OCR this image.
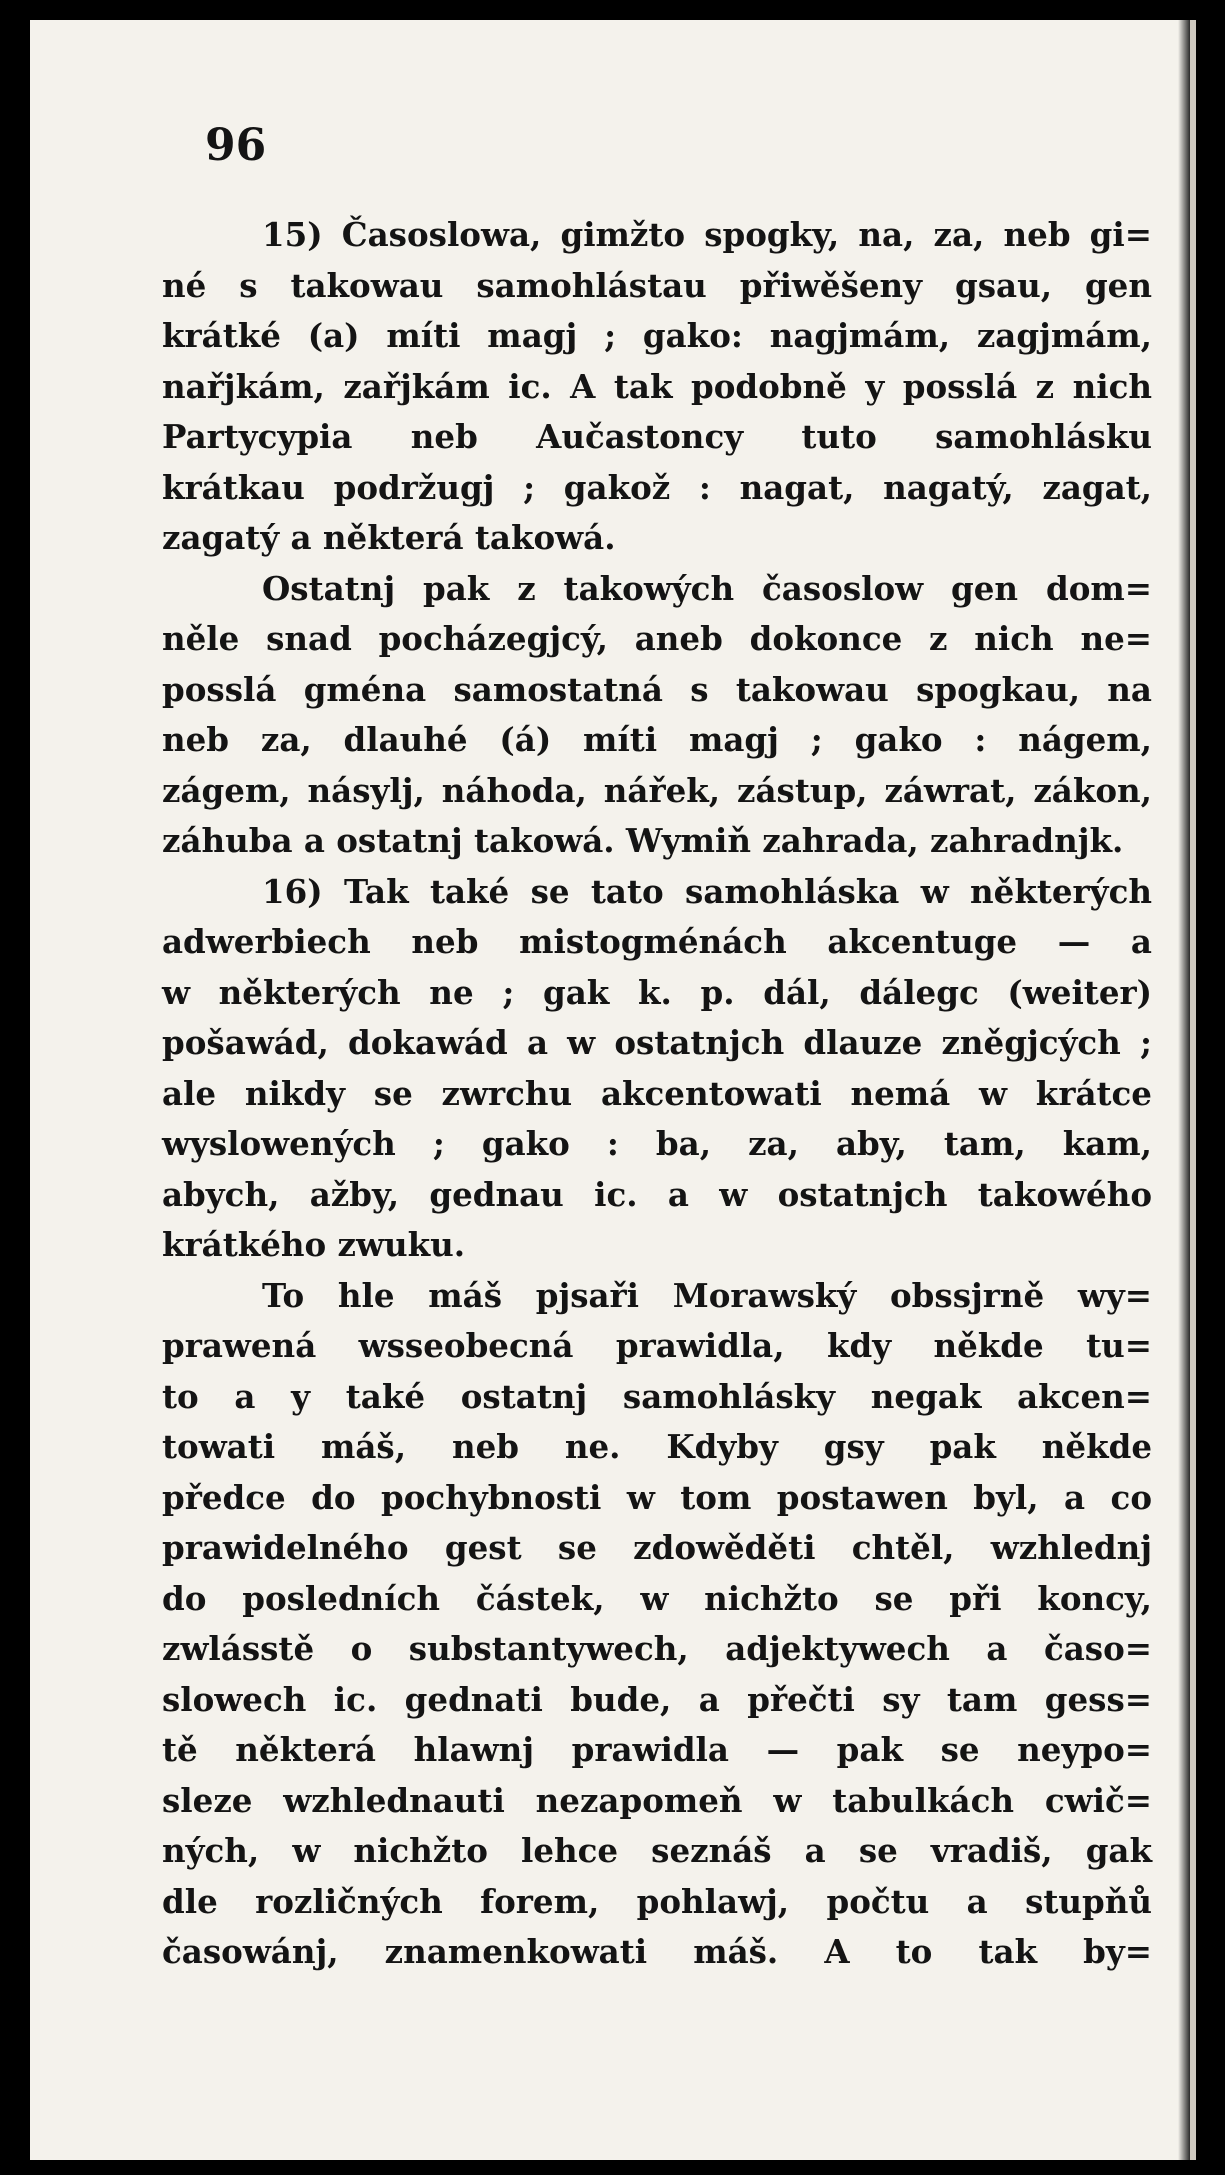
96
15) Časoslowa, gimžto spogky, na, za, neb gi=
né s takowau samohlástau přiwěšeny gsau, gen
krátké (a) míti magj ; gako: nagjmám, zagjmám,
nařjkám, zařjkám ic. A tak podobně y posslá z nich
Partycypia neb Aučastoncy tuto samohlásku
krátkau podržugj ; gakož : nagat, nagatý, zagat,
zagatý a některá takowá.
Ostatnj pak z takowých časoslow gen dom=
něle snad pocházegjcý, aneb dokonce z nich ne=
posslá gména samostatná s takowau spogkau, na
neb za, dlauhé (á) míti magj ; gako : nágem,
zágem, násylj, náhoda, nářek, zástup, záwrat, zákon,
záhuba a ostatnj takowá. Wymiň zahrada, zahradnjk.
16) Tak také se tato samohláska w některých
adwerbiech neb mistogménách akcentuge — a
w některých ne ; gak k. p. dál, dálegc (weiter)
pošawád, dokawád a w ostatnjch dlauze zněgjcých ;
ale nikdy se zwrchu akcentowati nemá w krátce
wyslowených ; gako : ba, za, aby, tam, kam,
abych, ažby, gednau ic. a w ostatnjch takowého
krátkého zwuku.
To hle máš pjsaři Morawský obssjrně wy=
prawená wsseobecná prawidla, kdy někde tu=
to a y také ostatnj samohlásky negak akcen=
towati máš, neb ne. Kdyby gsy pak někde
předce do pochybnosti w tom postawen byl, a co
prawidelného gest se zdowěděti chtěl, wzhlednj
do posledních částek, w nichžto se při koncy,
zwlásstě o substantywech, adjektywech a časo=
slowech ic. gednati bude, a přečti sy tam gess=
tě některá hlawnj prawidla — pak se neypo=
sleze wzhlednauti nezapomeň w tabulkách cwič=
ných, w nichžto lehce seznáš a se vradiš, gak
dle rozličných forem, pohlawj, počtu a stupňů
časowánj, znamenkowati máš. A to tak by=
